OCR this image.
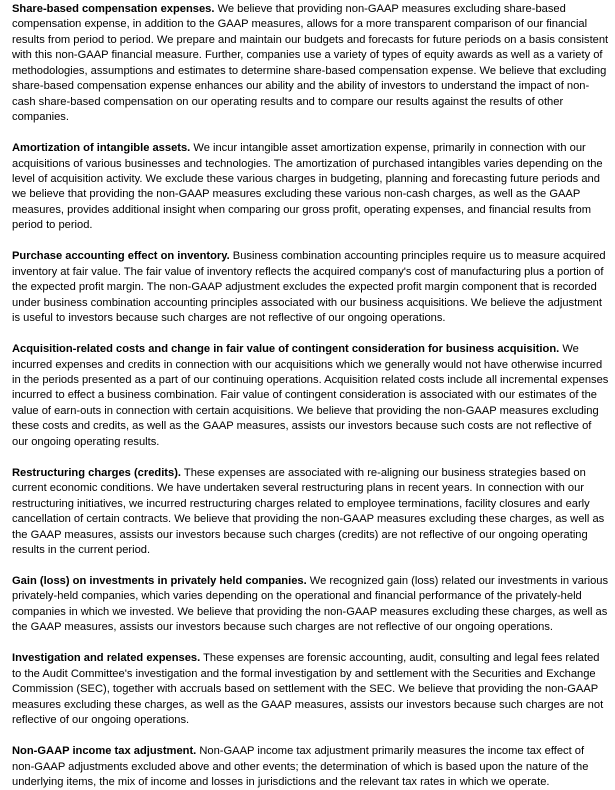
Share-based compensation expenses. We believe that providing non-GAAP measures excluding share-based compensation expense, in addition to the GAAP measures, allows for a more transparent comparison of our financial results from period to period. We prepare and maintain our budgets and forecasts for future periods on a basis consistent with this non-GAAP financial measure. Further, companies use a variety of types of equity awards as well as a variety of methodologies, assumptions and estimates to determine share-based compensation expense. We believe that excluding share-based compensation expense enhances our ability and the ability of investors to understand the impact of non-cash share-based compensation on our operating results and to compare our results against the results of other companies.

Amortization of intangible assets. We incur intangible asset amortization expense, primarily in connection with our acquisitions of various businesses and technologies. The amortization of purchased intangibles varies depending on the level of acquisition activity. We exclude these various charges in budgeting, planning and forecasting future periods and we believe that providing the non-GAAP measures excluding these various non-cash charges, as well as the GAAP measures, provides additional insight when comparing our gross profit, operating expenses, and financial results from period to period.

Purchase accounting effect on inventory. Business combination accounting principles require us to measure acquired inventory at fair value. The fair value of inventory reflects the acquired company's cost of manufacturing plus a portion of the expected profit margin. The non-GAAP adjustment excludes the expected profit margin component that is recorded under business combination accounting principles associated with our business acquisitions. We believe the adjustment is useful to investors because such charges are not reflective of our ongoing operations.

Acquisition-related costs and change in fair value of contingent consideration for business acquisition. We incurred expenses and credits in connection with our acquisitions which we generally would not have otherwise incurred in the periods presented as a part of our continuing operations. Acquisition related costs include all incremental expenses incurred to effect a business combination. Fair value of contingent consideration is associated with our estimates of the value of earn-outs in connection with certain acquisitions. We believe that providing the non-GAAP measures excluding these costs and credits, as well as the GAAP measures, assists our investors because such costs are not reflective of our ongoing operating results.

Restructuring charges (credits). These expenses are associated with re-aligning our business strategies based on current economic conditions. We have undertaken several restructuring plans in recent years. In connection with our restructuring initiatives, we incurred restructuring charges related to employee terminations, facility closures and early cancellation of certain contracts. We believe that providing the non-GAAP measures excluding these charges, as well as the GAAP measures, assists our investors because such charges (credits) are not reflective of our ongoing operating results in the current period.

Gain (loss) on investments in privately held companies. We recognized gain (loss) related our investments in various privately-held companies, which varies depending on the operational and financial performance of the privately-held companies in which we invested. We believe that providing the non-GAAP measures excluding these charges, as well as the GAAP measures, assists our investors because such charges are not reflective of our ongoing operations.

Investigation and related expenses. These expenses are forensic accounting, audit, consulting and legal fees related to the Audit Committee's investigation and the formal investigation by and settlement with the Securities and Exchange Commission (SEC), together with accruals based on settlement with the SEC. We believe that providing the non-GAAP measures excluding these charges, as well as the GAAP measures, assists our investors because such charges are not reflective of our ongoing operations.

Non-GAAP income tax adjustment. Non-GAAP income tax adjustment primarily measures the income tax effect of non-GAAP adjustments excluded above and other events; the determination of which is based upon the nature of the underlying items, the mix of income and losses in jurisdictions and the relevant tax rates in which we operate.
